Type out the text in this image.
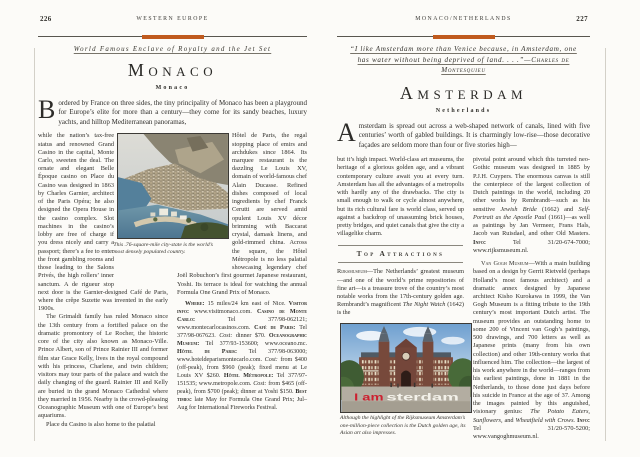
226	WESTERN EUROPE
World Famous Enclave of Royalty and the Jet Set
MONACO
Monaco

Bordered by France on three sides, the tiny principality of Monaco has been a playground for Europe’s elite for more than a century—they come for its sandy beaches, luxury yachts, and hilltop Mediterranean panoramas,

This .76-square-mile city-state is the world’s most densely populated country.

while the nation’s tax-free status and renowned Grand Casino in the capital, Monte Carlo, sweeten the deal. The ornate and elegant Belle Époque casino on Place du Casino was designed in 1863 by Charles Garnier, architect of the Paris Opéra; he also designed the Opera House in the casino complex. Slot machines in the casino’s lobby are free of charge if you dress nicely and carry a passport; there’s a fee to enter the front gambling rooms and those leading to the Salons Privés, the high rollers’ inner sanctum. A de rigueur stop next door is the Garnier-designed Café de Paris, where the crêpe Suzette was invented in the early 1900s.

The Grimaldi family has ruled Monaco since the 13th century from a fortified palace on the dramatic promontory of Le Rocher, the historic core of the city also known as Monaco-Ville. Prince Albert, son of Prince Rainier III and former film star Grace Kelly, lives in the royal compound with his princess, Charlene, and twin children; visitors may tour parts of the palace and watch the daily changing of the guard. Rainier III and Kelly are buried in the grand Monaco Cathedral where they married in 1956. Nearby is the crowd-pleasing Oceanographic Museum with one of Europe’s best aquariums.

Place du Casino is also home to the palatial

Hôtel de Paris, the regal stopping place of emirs and archdukes since 1864. Its marquee restaurant is the dazzling Le Louis XV, domain of world-famous chef Alain Ducasse. Refined dishes composed of local ingredients by chef Franck Cerutti are served amid opulent Louis XV décor brimming with Baccarat crystal, damask linens, and gold-rimmed china. Across the square, the Hôtel Métropole is no less palatial showcasing legendary chef Joël Robuchon’s first gourmet Japanese restaurant, Yoshi. Its terrace is ideal for watching the annual Formula One Grand Prix of Monaco.

Where: 15 miles/24 km east of Nice. Visitor info: www.visitmonaco.com. Casino de Monte Carlo: Tel 377/98-062121; www.montecarlocasinos.com. Café de Paris: Tel 377/98-067623. Cost: dinner $70. Oceanographic Museum: Tel 377/93-153600; www.oceano.mc. Hôtel de Paris: Tel 377/98-063000; www.hoteldeparismontecarlo.com. Cost: from $400 (off-peak), from $960 (peak); fixed menu at Le Louis XV $260. Hôtel Métropole: Tel 377/97-151535; www.metropole.com. Cost: from $465 (off-peak), from $700 (peak); dinner at Yoshi $150. Best times: late May for Formula One Grand Prix; Jul–Aug for International Fireworks Festival.

MONACO/NETHERLANDS	227
“I like Amsterdam more than Venice because, in Amsterdam, one has water without being deprived of land. . . .”—Charles de Montesquieu
AMSTERDAM
Netherlands

Amsterdam is spread out across a web-shaped network of canals, lined with five centuries’ worth of gabled buildings. It is charmingly low-rise—those decorative façades are seldom more than four or five stories high—

but it’s high impact. World-class art museums, the heritage of a glorious golden age, and a vibrant contemporary culture await you at every turn. Amsterdam has all the advantages of a metropolis with hardly any of the drawbacks. The city is small enough to walk or cycle almost anywhere, but its rich cultural fare is world class, served up against a backdrop of unassuming brick houses, pretty bridges, and quiet canals that give the city a villagelike charm.

Top Attractions

Rijksmuseum—The Netherlands’ greatest museum—and one of the world’s prime repositories of fine art—is a treasure trove of the country’s most notable works from the 17th-century golden age. Rembrandt’s magnificent The Night Watch (1642) is the

I am sterdam
Although the highlight of the Rijksmuseum Amsterdam’s one-million-piece collection is the Dutch golden age, its Asian art also impresses.

pivotal point around which this turreted neo-Gothic museum was designed in 1885 by P.J.H. Cuypers. The enormous canvas is still the centerpiece of the largest collection of Dutch paintings in the world, including 20 other works by Rembrandt—such as his sensitive Jewish Bride (1662) and Self-Portrait as the Apostle Paul (1661)—as well as paintings by Jan Vermeer, Frans Hals, Jacob van Ruisdael, and other Old Masters. Info: Tel 31/20-674-7000; www.rijksmuseum.nl.

Van Gogh Museum—With a main building based on a design by Gerrit Rietveld (perhaps Holland’s most famous architect) and a dramatic annex designed by Japanese architect Kisho Kurokawa in 1999, the Van Gogh Museum is a fitting tribute to the 19th century’s most important Dutch artist. The museum provides an outstanding home to some 200 of Vincent van Gogh’s paintings, 500 drawings, and 700 letters as well as Japanese prints (many from his own collection) and other 19th-century works that influenced him. The collection—the largest of his work anywhere in the world—ranges from his earliest paintings, done in 1881 in the Netherlands, to those done just days before his suicide in France at the age of 37. Among the images painted by this anguished, visionary genius: The Potato Eaters, Sunflowers, and Wheatfield with Crows. Info: Tel 31/20-570-5200; www.vangoghmuseum.nl.
